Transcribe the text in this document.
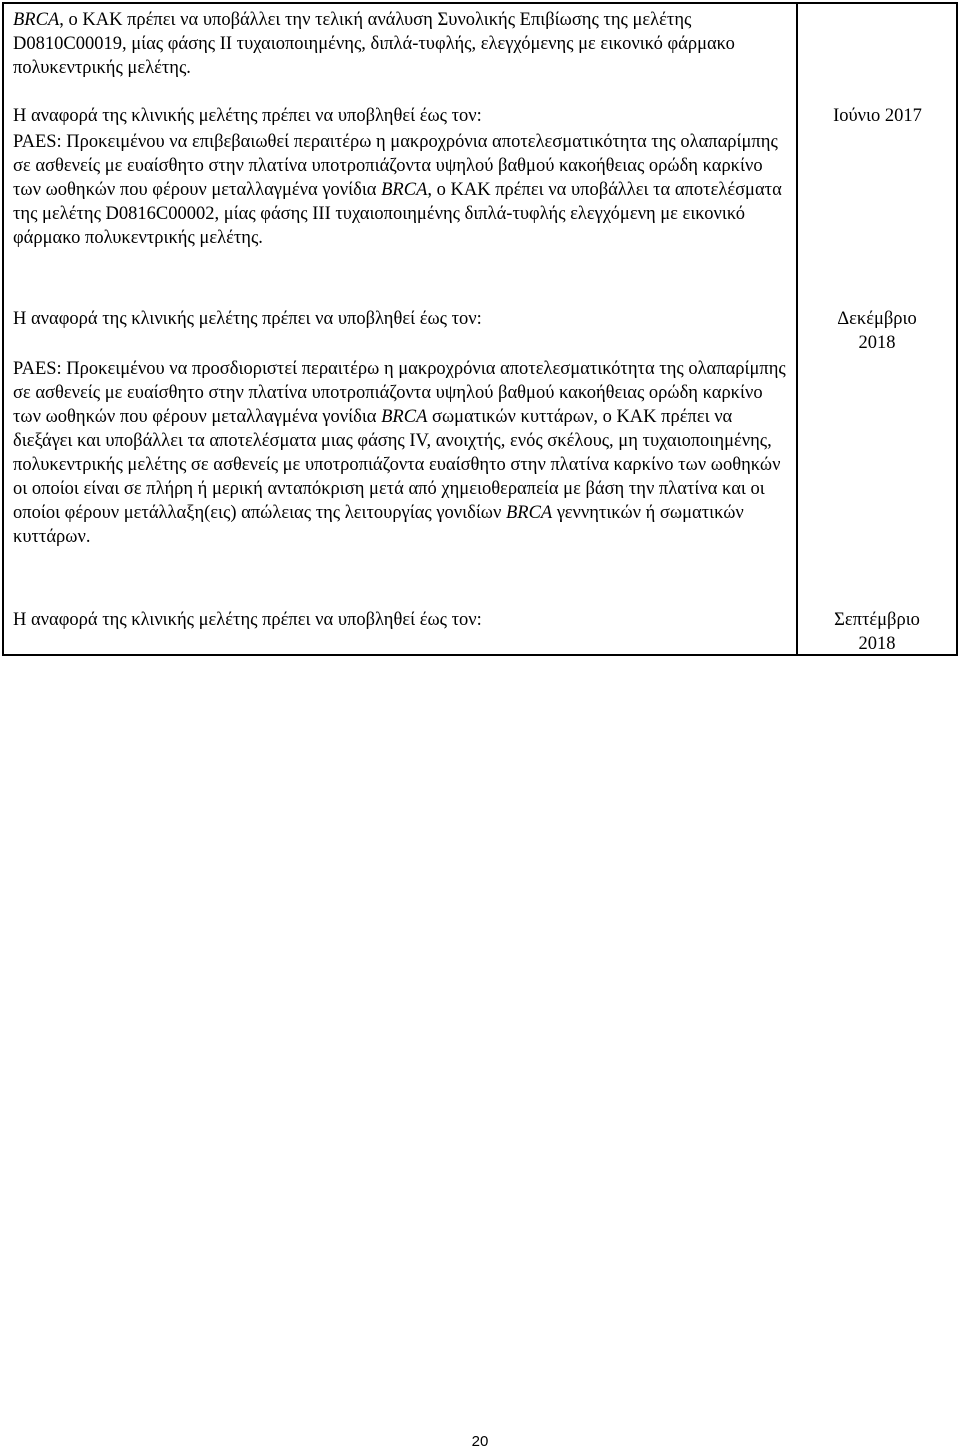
BRCA, ο ΚΑΚ πρέπει να υποβάλλει την τελική ανάλυση Συνολικής Επιβίωσης της μελέτης D0810C00019, μίας φάσης ΙΙ τυχαιοποιημένης, διπλά-τυφλής, ελεγχόμενης με εικονικό φάρμακο πολυκεντρικής μελέτης.

Η αναφορά της κλινικής μελέτης πρέπει να υποβληθεί έως τον:	Ιούνιο 2017

PAES: Προκειμένου να επιβεβαιωθεί περαιτέρω η μακροχρόνια αποτελεσματικότητα της ολαπαρίμπης σε ασθενείς με ευαίσθητο στην πλατίνα υποτροπιάζοντα υψηλού βαθμού κακοήθειας ορώδη καρκίνο των ωοθηκών που φέρουν μεταλλαγμένα γονίδια BRCA, ο ΚΑΚ πρέπει να υποβάλλει τα αποτελέσματα της μελέτης D0816C00002, μίας φάσης ΙΙΙ τυχαιοποιημένης διπλά-τυφλής ελεγχόμενη με εικονικό φάρμακο πολυκεντρικής μελέτης.

Η αναφορά της κλινικής μελέτης πρέπει να υποβληθεί έως τον:	Δεκέμβριο 2018

PAES: Προκειμένου να προσδιοριστεί περαιτέρω η μακροχρόνια αποτελεσματικότητα της ολαπαρίμπης σε ασθενείς με ευαίσθητο στην πλατίνα υποτροπιάζοντα υψηλού βαθμού κακοήθειας ορώδη καρκίνο των ωοθηκών που φέρουν μεταλλαγμένα γονίδια BRCA σωματικών κυττάρων, ο ΚΑΚ πρέπει να διεξάγει και υποβάλλει τα αποτελέσματα μιας φάσης IV, ανοιχτής, ενός σκέλους, μη τυχαιοποιημένης, πολυκεντρικής μελέτης σε ασθενείς με υποτροπιάζοντα ευαίσθητο στην πλατίνα καρκίνο των ωοθηκών οι οποίοι είναι σε πλήρη ή μερική ανταπόκριση μετά από χημειοθεραπεία με βάση την πλατίνα και οι οποίοι φέρουν μετάλλαξη(εις) απώλειας της λειτουργίας γονιδίων BRCA γεννητικών ή σωματικών κυττάρων.

Η αναφορά της κλινικής μελέτης πρέπει να υποβληθεί έως τον:	Σεπτέμβριο 2018

20
